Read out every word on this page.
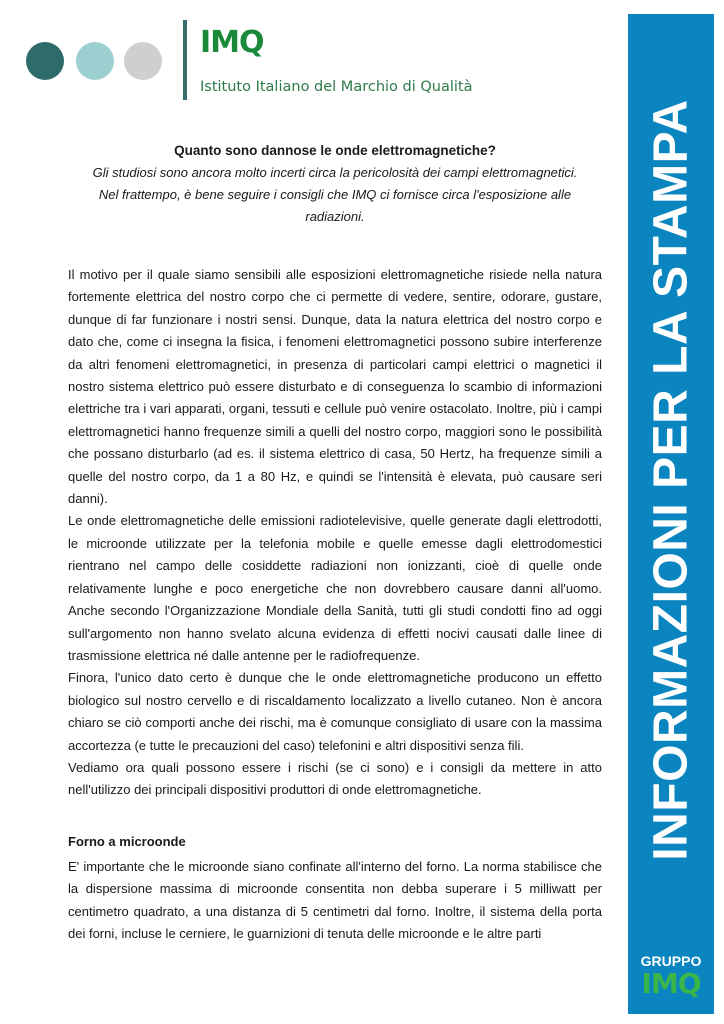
IMQ
Istituto Italiano del Marchio di Qualità
INFORMAZIONI PER LA STAMPA
GRUPPO
IMQ
Quanto sono dannose le onde elettromagnetiche?
Gli studiosi sono ancora molto incerti circa la pericolosità dei campi elettromagnetici.
Nel frattempo, è bene seguire i consigli che IMQ ci fornisce circa l'esposizione alle
radiazioni.

Il motivo per il quale siamo sensibili alle esposizioni elettromagnetiche risiede nella natura fortemente elettrica del nostro corpo che ci permette di vedere, sentire, odorare, gustare, dunque di far funzionare i nostri sensi. Dunque, data la natura elettrica del nostro corpo e dato che, come ci insegna la fisica, i fenomeni elettromagnetici possono subire interferenze da altri fenomeni elettromagnetici, in presenza di particolari campi elettrici o magnetici il nostro sistema elettrico può essere disturbato e di conseguenza lo scambio di informazioni elettriche tra i vari apparati, organi, tessuti e cellule può venire ostacolato. Inoltre, più i campi elettromagnetici hanno frequenze simili a quelli del nostro corpo, maggiori sono le possibilità che possano disturbarlo (ad es. il sistema elettrico di casa, 50 Hertz, ha frequenze simili a quelle del nostro corpo, da 1 a 80 Hz, e quindi se l'intensità è elevata, può causare seri danni).

Le onde elettromagnetiche delle emissioni radiotelevisive, quelle generate dagli elettrodotti, le microonde utilizzate per la telefonia mobile e quelle emesse dagli elettrodomestici rientrano nel campo delle cosiddette radiazioni non ionizzanti, cioè di quelle onde relativamente lunghe e poco energetiche che non dovrebbero causare danni all'uomo. Anche secondo l'Organizzazione Mondiale della Sanità, tutti gli studi condotti fino ad oggi sull'argomento non hanno svelato alcuna evidenza di effetti nocivi causati dalle linee di trasmissione elettrica né dalle antenne per le radiofrequenze.

Finora, l'unico dato certo è dunque che le onde elettromagnetiche producono un effetto biologico sul nostro cervello e di riscaldamento localizzato a livello cutaneo. Non è ancora chiaro se ciò comporti anche dei rischi, ma è comunque consigliato di usare con la massima accortezza (e tutte le precauzioni del caso) telefonini e altri dispositivi senza fili.

Vediamo ora quali possono essere i rischi (se ci sono) e i consigli da mettere in atto nell'utilizzo dei principali dispositivi produttori di onde elettromagnetiche.

Forno a microonde

E' importante che le microonde siano confinate all'interno del forno. La norma stabilisce che la dispersione massima di microonde consentita non debba superare i 5 milliwatt per centimetro quadrato, a una distanza di 5 centimetri dal forno. Inoltre, il sistema della porta dei forni, incluse le cerniere, le guarnizioni di tenuta delle microonde e le altre parti
